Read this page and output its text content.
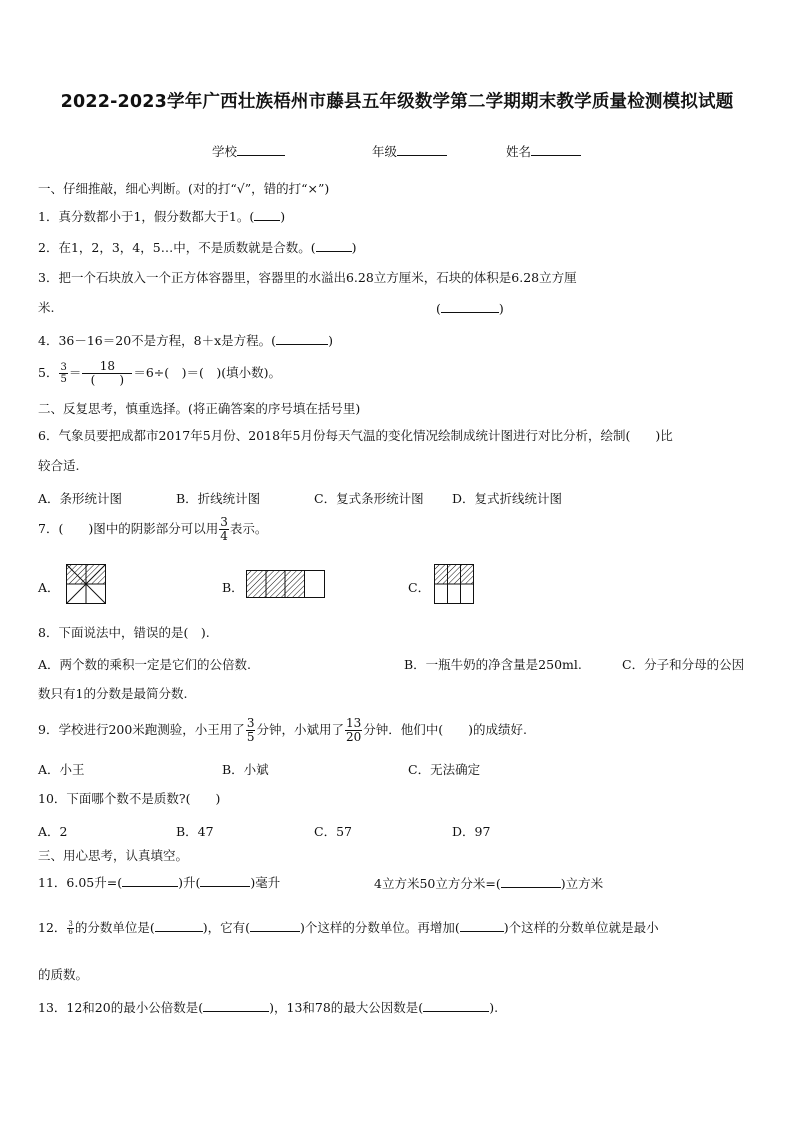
2022-2023学年广西壮族梧州市藤县五年级数学第二学期期末教学质量检测模拟试题
学校	年级	姓名
一、仔细推敲，细心判断。(对的打“√”，错的打“×”)
1．真分数都小于1，假分数都大于1。( )
2．在1，2，3，4，5…中，不是质数就是合数。(	)
3．把一个石块放入一个正方体容器里，容器里的水溢出6.28立方厘米，石块的体积是6.28立方厘
米.	(	)
4．36－16＝20不是方程，8＋x是方程。(	)
5． $\frac{3}{5} = \frac{18}{( )} =6\div$(　)＝(　)(填小数)。
二、反复思考，慎重选择。(将正确答案的序号填在括号里)
6．气象员要把成都市2017年5月份、2018年5月份每天气温的变化情况绘制成统计图进行对比分析，绘制(　　)比
较合适.
A．条形统计图	B．折线统计图	C．复式条形统计图 D．复式折线统计图
7．(　　)图中的阴影部分可以用 $\frac{3}{4}$ 表示。
A．	B．	C．
8．下面说法中，错误的是(　).
A．两个数的乘积一定是它们的公倍数.	B．一瓶牛奶的净含量是250ml.	C．分子和分母的公因
数只有1的分数是最简分数.
9．学校进行200米跑测验，小王用了 $\frac{3}{5}$ 分钟，小斌用了 $\frac{13}{20}$ 分钟．他们中(　　)的成绩好.
A．小王	B．小斌	C．无法确定
10．下面哪个数不是质数?(　　)
A．2	B．47	C．57	D．97
三、用心思考，认真填空。
11．6.05升=(	)升(	)毫升	4立方米50立方分米=(	)立方米
12． $\frac{3}{6}$ 的分数单位是(	)，它有(	)个这样的分数单位。再增加(	)个这样的分数单位就是最小
的质数。
13．12和20的最小公倍数是(	)，13和78的最大公因数是(	).
